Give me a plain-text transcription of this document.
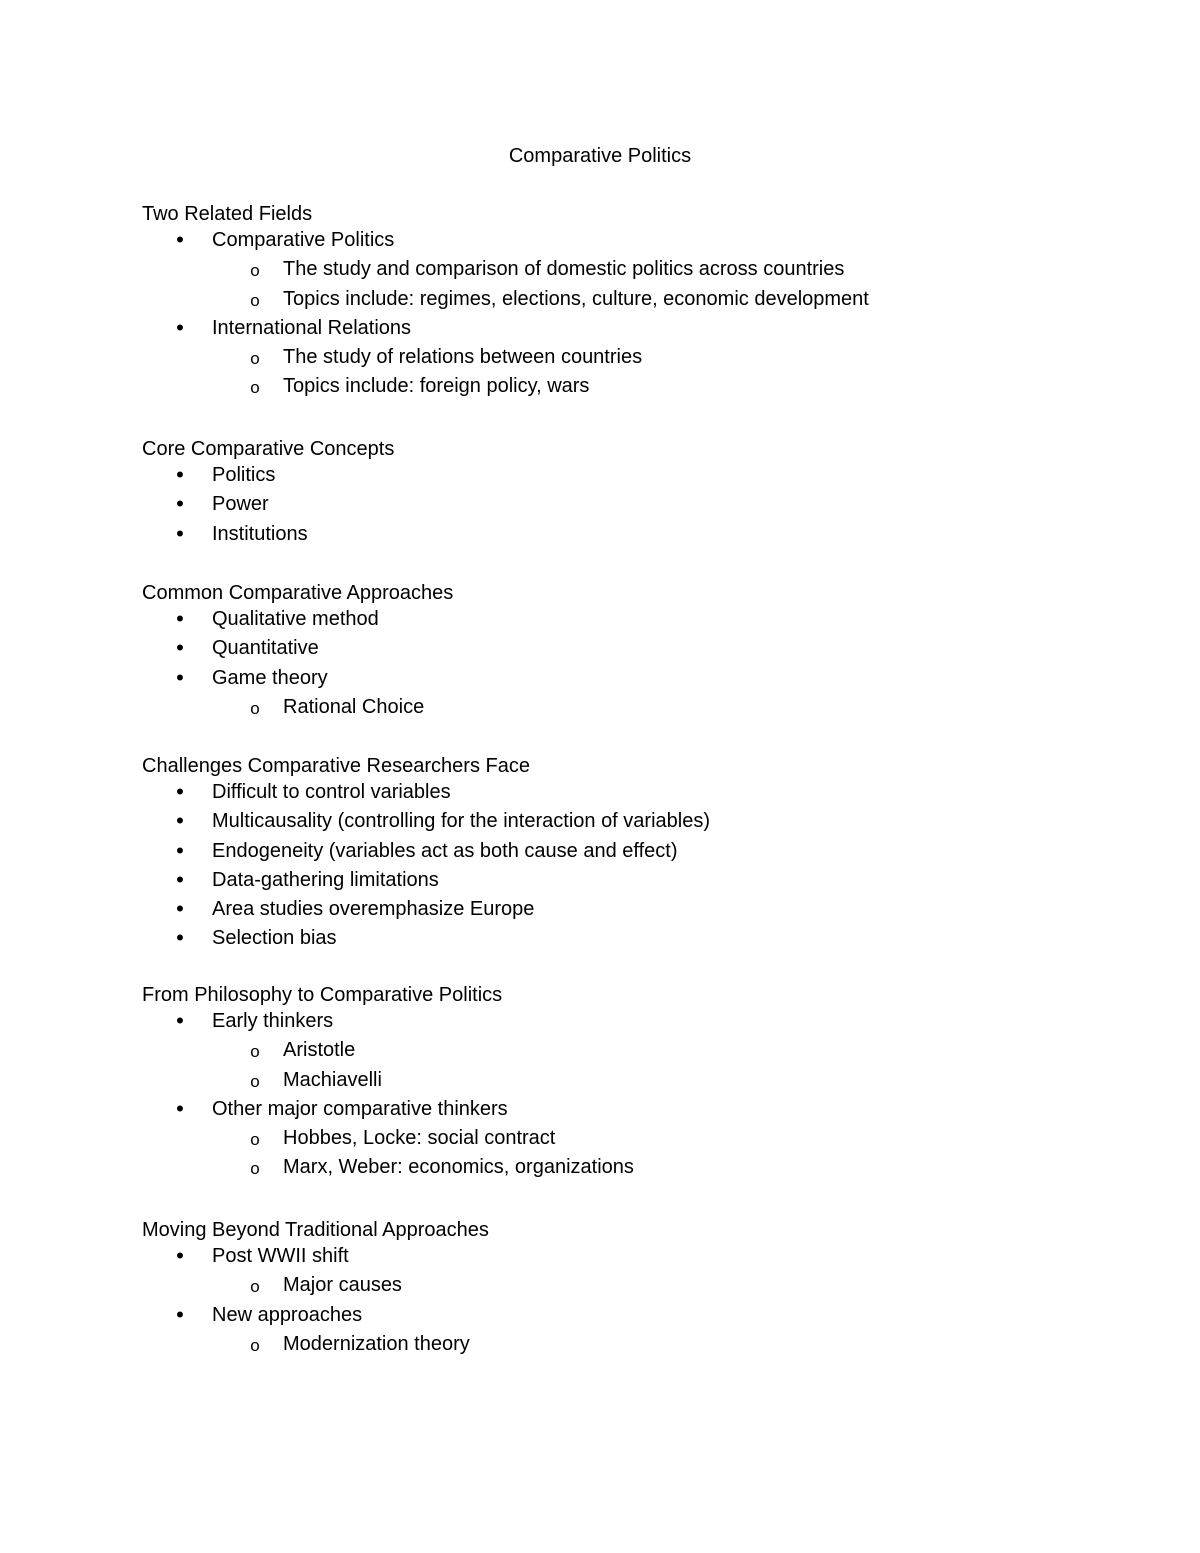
Comparative Politics
Two Related Fields
•	Comparative Politics
o The study and comparison of domestic politics across countries
o Topics include: regimes, elections, culture, economic development
•	International Relations
o The study of relations between countries
o Topics include: foreign policy, wars
Core Comparative Concepts
•	Politics
•	Power
•	Institutions
Common Comparative Approaches
•	Qualitative method
•	Quantitative
•	Game theory
o Rational Choice
Challenges Comparative Researchers Face
•	Difficult to control variables
•	Multicausality (controlling for the interaction of variables)
•	Endogeneity (variables act as both cause and effect)
•	Data-gathering limitations
•	Area studies overemphasize Europe
•	Selection bias
From Philosophy to Comparative Politics
•	Early thinkers
o Aristotle
o Machiavelli
•	Other major comparative thinkers
o Hobbes, Locke: social contract
o Marx, Weber: economics, organizations
Moving Beyond Traditional Approaches
•	Post WWII shift
o Major causes
•	New approaches
o Modernization theory
